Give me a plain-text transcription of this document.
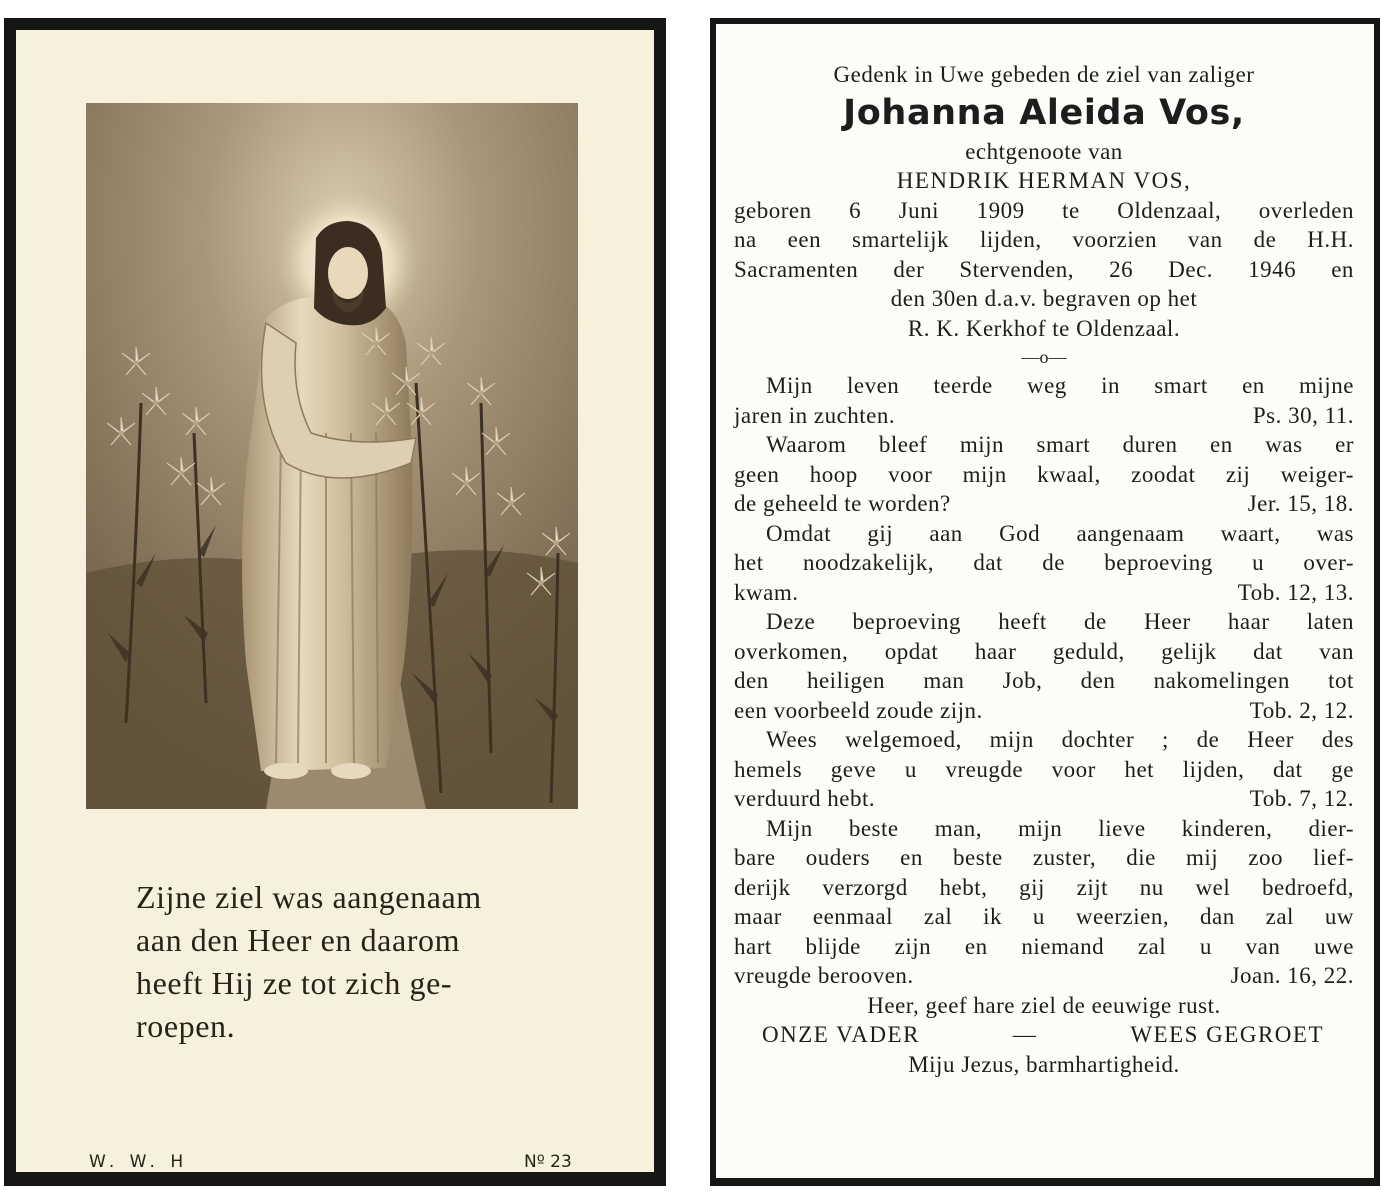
Zijne ziel was aangenaam
aan den Heer en daarom
heeft Hij ze tot zich ge-
roepen.
W. W. H	Nº 23
Gedenk in Uwe gebeden de ziel van zaliger
Johanna Aleida Vos,
echtgenoote van
HENDRIK HERMAN VOS,
geboren 6 Juni 1909 te Oldenzaal, overleden
na een smartelijk lijden, voorzien van de H.H.
Sacramenten der Stervenden, 26 Dec. 1946 en
den 30en d.a.v. begraven op het
R. K. Kerkhof te Oldenzaal.
—o—
Mijn leven teerde weg in smart en mijne
jaren in zuchten.	Ps. 30, 11.
Waarom bleef mijn smart duren en was er
geen hoop voor mijn kwaal, zoodat zij weiger-
de geheeld te worden?	Jer. 15, 18.
Omdat gij aan God aangenaam waart, was
het noodzakelijk, dat de beproeving u over-
kwam.	Tob. 12, 13.
Deze beproeving heeft de Heer haar laten
overkomen, opdat haar geduld, gelijk dat van
den heiligen man Job, den nakomelingen tot
een voorbeeld zoude zijn.	Tob. 2, 12.
Wees welgemoed, mijn dochter ; de Heer des
hemels geve u vreugde voor het lijden, dat ge
verduurd hebt.	Tob. 7, 12.
Mijn beste man, mijn lieve kinderen, dier-
bare ouders en beste zuster, die mij zoo lief-
derijk verzorgd hebt, gij zijt nu wel bedroefd,
maar eenmaal zal ik u weerzien, dan zal uw
hart blijde zijn en niemand zal u van uwe
vreugde berooven.	Joan. 16, 22.
Heer, geef hare ziel de eeuwige rust.
ONZE VADER	—	WEES GEGROET
Miju Jezus, barmhartigheid.
